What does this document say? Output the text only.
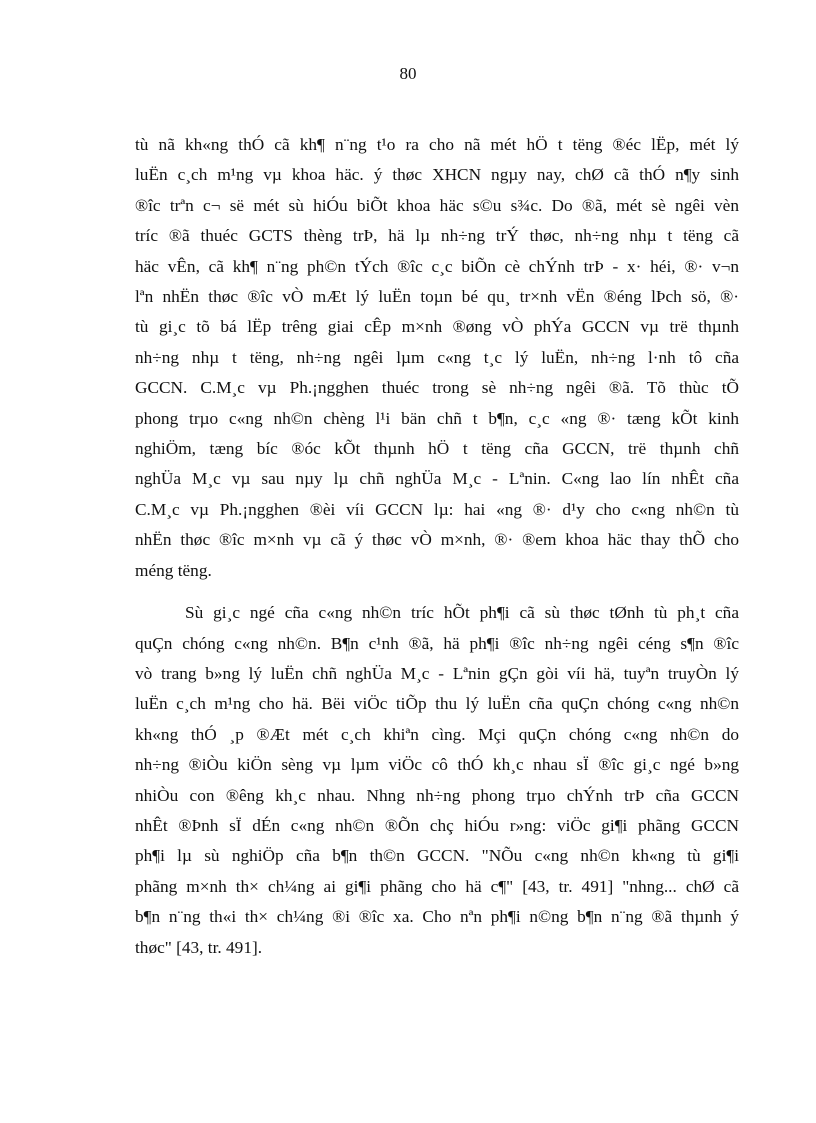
80
tù nã kh«ng thÓ cã kh¶ n¨ng t¹o ra cho nã mét hÖ t tëng ®éc lËp, mét lý
luËn c¸ch m¹ng vµ khoa häc. ý thøc XHCN ngµy nay, chØ cã thÓ n¶y sinh
®îc trªn c¬ së mét sù hiÓu biÕt khoa häc s©u s¾c. Do ®ã, mét sè ngêi vèn
tríc ®ã thuéc GCTS thèng trÞ, hä lµ nh÷ng trÝ thøc, nh÷ng nhµ t tëng cã
häc vÊn, cã kh¶ n¨ng ph©n tÝch ®îc c¸c biÕn cè chÝnh trÞ - x· héi, ®· v¬n
lªn nhËn thøc ®îc vÒ mÆt lý luËn toµn bé qu¸ tr×nh vËn ®éng lÞch sö, ®·
tù gi¸c tõ bá lËp trêng giai cÊp m×nh ®øng vÒ phÝa GCCN vµ trë thµnh
nh÷ng nhµ t tëng, nh÷ng ngêi lµm c«ng t¸c lý luËn, nh÷ng l·nh tô cña
GCCN. C.M¸c vµ Ph.¡ngghen thuéc trong sè nh÷ng ngêi ®ã. Tõ thùc tÕ
phong trµo c«ng nh©n chèng l¹i bän chñ t b¶n, c¸c «ng ®· tæng kÕt kinh
nghiÖm, tæng bíc ®óc kÕt thµnh hÖ t tëng cña GCCN, trë thµnh chñ
nghÜa M¸c vµ sau nµy lµ chñ nghÜa M¸c - Lªnin. C«ng lao lín nhÊt cña
C.M¸c vµ Ph.¡ngghen ®èi víi GCCN lµ: hai «ng ®· d¹y cho c«ng nh©n tù
nhËn thøc ®îc m×nh vµ cã ý thøc vÒ m×nh, ®· ®em khoa häc thay thÕ cho
méng tëng.
Sù gi¸c ngé cña c«ng nh©n tríc hÕt ph¶i cã sù thøc tØnh tù ph¸t cña
quÇn chóng c«ng nh©n. B¶n c¹nh ®ã, hä ph¶i ®îc nh÷ng ngêi céng s¶n ®îc
vò trang b»ng lý luËn chñ nghÜa M¸c - Lªnin gÇn gòi víi hä, tuyªn truyÒn lý
luËn c¸ch m¹ng cho hä. Bëi viÖc tiÕp thu lý luËn cña quÇn chóng c«ng nh©n
kh«ng thÓ ¸p ®Æt mét c¸ch khiªn cìng. Mçi quÇn chóng c«ng nh©n do
nh÷ng ®iÒu kiÖn sèng vµ lµm viÖc cô thÓ kh¸c nhau sÏ ®îc gi¸c ngé b»ng
nhiÒu con ®êng kh¸c nhau. Nhng nh÷ng phong trµo chÝnh trÞ cña GCCN
nhÊt ®Þnh sÏ dÉn c«ng nh©n ®Õn chç hiÓu r»ng: viÖc gi¶i phãng GCCN
ph¶i lµ sù nghiÖp cña b¶n th©n GCCN. "NÕu c«ng nh©n kh«ng tù gi¶i
phãng m×nh th× ch¼ng ai gi¶i phãng cho hä c¶" [43, tr. 491] "nhng... chØ cã
b¶n n¨ng th«i th× ch¼ng ®i ®îc xa. Cho nªn ph¶i n©ng b¶n n¨ng ®ã thµnh ý
thøc" [43, tr. 491].
